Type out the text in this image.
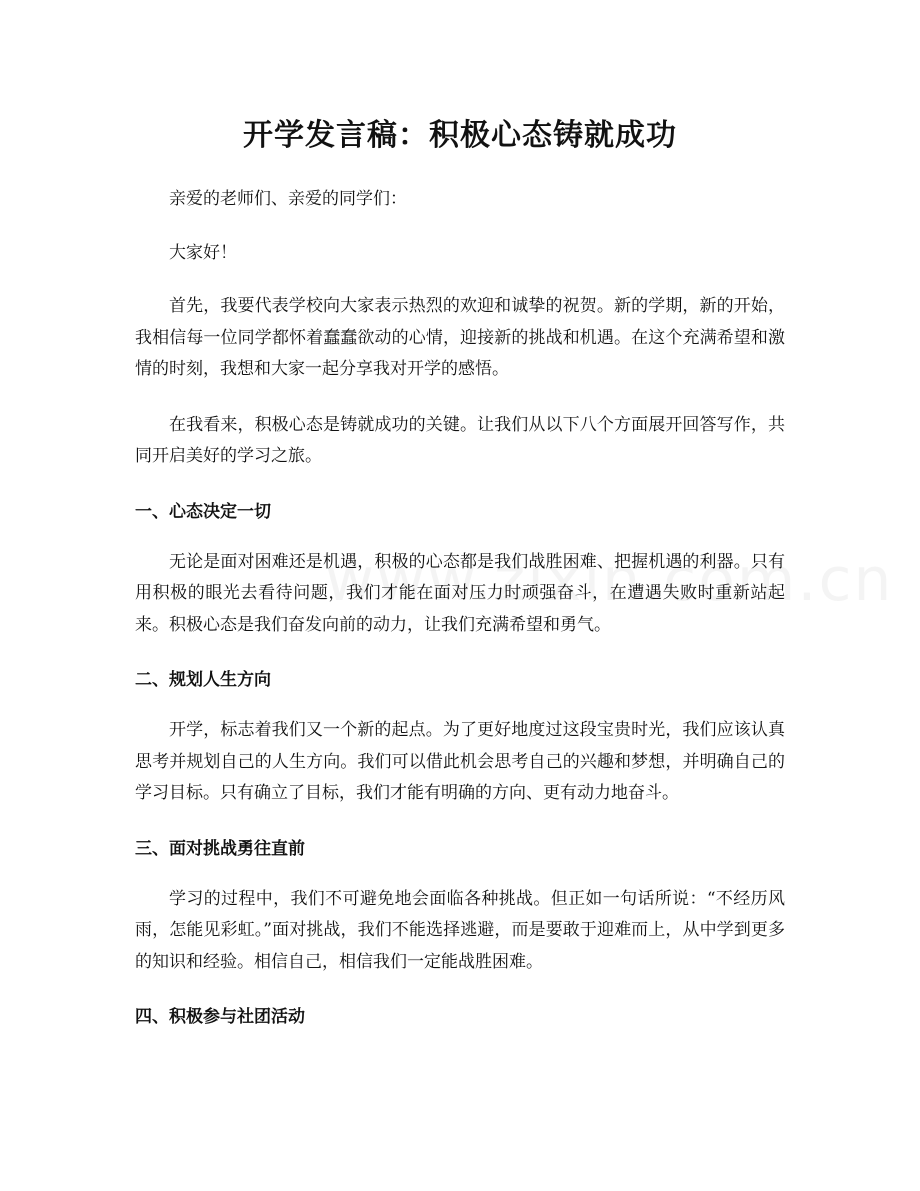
开学发言稿：积极心态铸就成功

亲爱的老师们、亲爱的同学们：

大家好！

首先，我要代表学校向大家表示热烈的欢迎和诚挚的祝贺。新的学期，新的开始，我相信每一位同学都怀着蠢蠢欲动的心情，迎接新的挑战和机遇。在这个充满希望和激情的时刻，我想和大家一起分享我对开学的感悟。

在我看来，积极心态是铸就成功的关键。让我们从以下八个方面展开回答写作，共同开启美好的学习之旅。

一、心态决定一切

无论是面对困难还是机遇，积极的心态都是我们战胜困难、把握机遇的利器。只有用积极的眼光去看待问题，我们才能在面对压力时顽强奋斗，在遭遇失败时重新站起来。积极心态是我们奋发向前的动力，让我们充满希望和勇气。

二、规划人生方向

开学，标志着我们又一个新的起点。为了更好地度过这段宝贵时光，我们应该认真思考并规划自己的人生方向。我们可以借此机会思考自己的兴趣和梦想，并明确自己的学习目标。只有确立了目标，我们才能有明确的方向、更有动力地奋斗。

三、面对挑战勇往直前

学习的过程中，我们不可避免地会面临各种挑战。但正如一句话所说：“不经历风雨，怎能见彩虹。”面对挑战，我们不能选择逃避，而是要敢于迎难而上，从中学到更多的知识和经验。相信自己，相信我们一定能战胜困难。

四、积极参与社团活动
